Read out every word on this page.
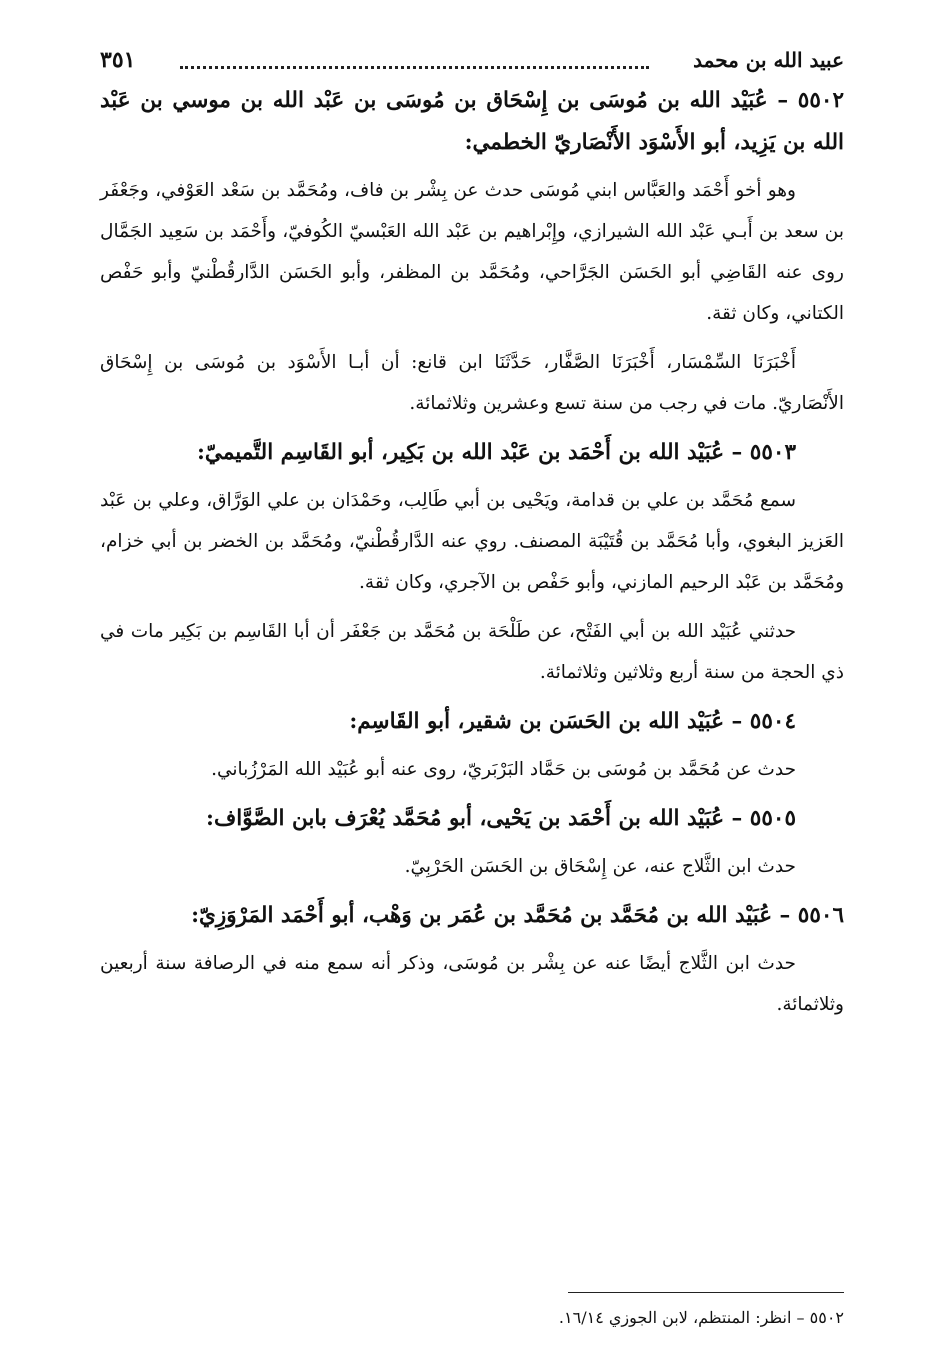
عبيد الله بن محمد
٣٥١
٥٥٠٢ – عُبَيْد الله بن مُوسَى بن إِسْحَاق بن مُوسَى بن عَبْد الله بن موسي بن عَبْد الله بن يَزِيد، أبو الأَسْوَد الأَنْصَاريّ الخطمي:

وهو أخو أَحْمَد والعَبَّاس ابني مُوسَى حدث عن بِشْر بن فاف، ومُحَمَّد بن سَعْد العَوْفي، وجَعْفَر بن سعد بن أَبـي عَبْد الله الشيرازي، وإِبْراهيم بن عَبْد الله العَبْسيّ الكُوفيّ، وأَحْمَد بن سَعِيد الجَمَّال روى عنه القَاضِي أبو الحَسَن الجَرَّاحي، ومُحَمَّد بن المظفر، وأبو الحَسَن الدَّارقُطْنيّ وأبو حَفْص الكتاني، وكان ثقة.

أَخْبَرَنَا السِّمْسَار، أَخْبَرَنَا الصَّفَّار، حَدَّثَنَا ابن قانع: أن أبـا الأَسْوَد بن مُوسَى بن إِسْحَاق الأَنْصَاريّ. مات في رجب من سنة تسع وعشرين وثلاثمائة.

٥٥٠٣ – عُبَيْد الله بن أَحْمَد بن عَبْد الله بن بَكِير، أبو القَاسِم التَّميميّ:

سمع مُحَمَّد بن علي بن قدامة، ويَحْيى بن أبي طَالِب، وحَمْدَان بن علي الوَرَّاق، وعلي بن عَبْد العَزيز البغوي، وأبا مُحَمَّد بن قُتَيْبَة المصنف. روي عنه الدَّارقُطْنيّ، ومُحَمَّد بن الخضر بن أبي خزام، ومُحَمَّد بن عَبْد الرحيم المازني، وأبو حَفْص بن الآجري، وكان ثقة.

حدثني عُبَيْد الله بن أبي الفَتْح، عن طَلْحَة بن مُحَمَّد بن جَعْفَر أن أبا القَاسِم بن بَكِير مات في ذي الحجة من سنة أربع وثلاثين وثلاثمائة.

٥٥٠٤ – عُبَيْد الله بن الحَسَن بن شقير، أبو القَاسِم:

حدث عن مُحَمَّد بن مُوسَى بن حَمَّاد البَرْبَريّ، روى عنه أبو عُبَيْد الله المَرْزُباني.

٥٥٠٥ – عُبَيْد الله بن أَحْمَد بن يَحْيى، أبو مُحَمَّد يُعْرَف بابن الصَّوَّاف:

حدث ابن الثَّلاج عنه، عن إِسْحَاق بن الحَسَن الحَرْبِيّ.

٥٥٠٦ – عُبَيْد الله بن مُحَمَّد بن مُحَمَّد بن عُمَر بن وَهْب، أبو أَحْمَد المَرْوَزِيّ:

حدث ابن الثَّلاج أيضًا عنه عن بِشْر بن مُوسَى، وذكر أنه سمع منه في الرصافة سنة أربعين وثلاثمائة.

٥٥٠٢ – انظر: المنتظم، لابن الجوزي ١٦/١٤.
